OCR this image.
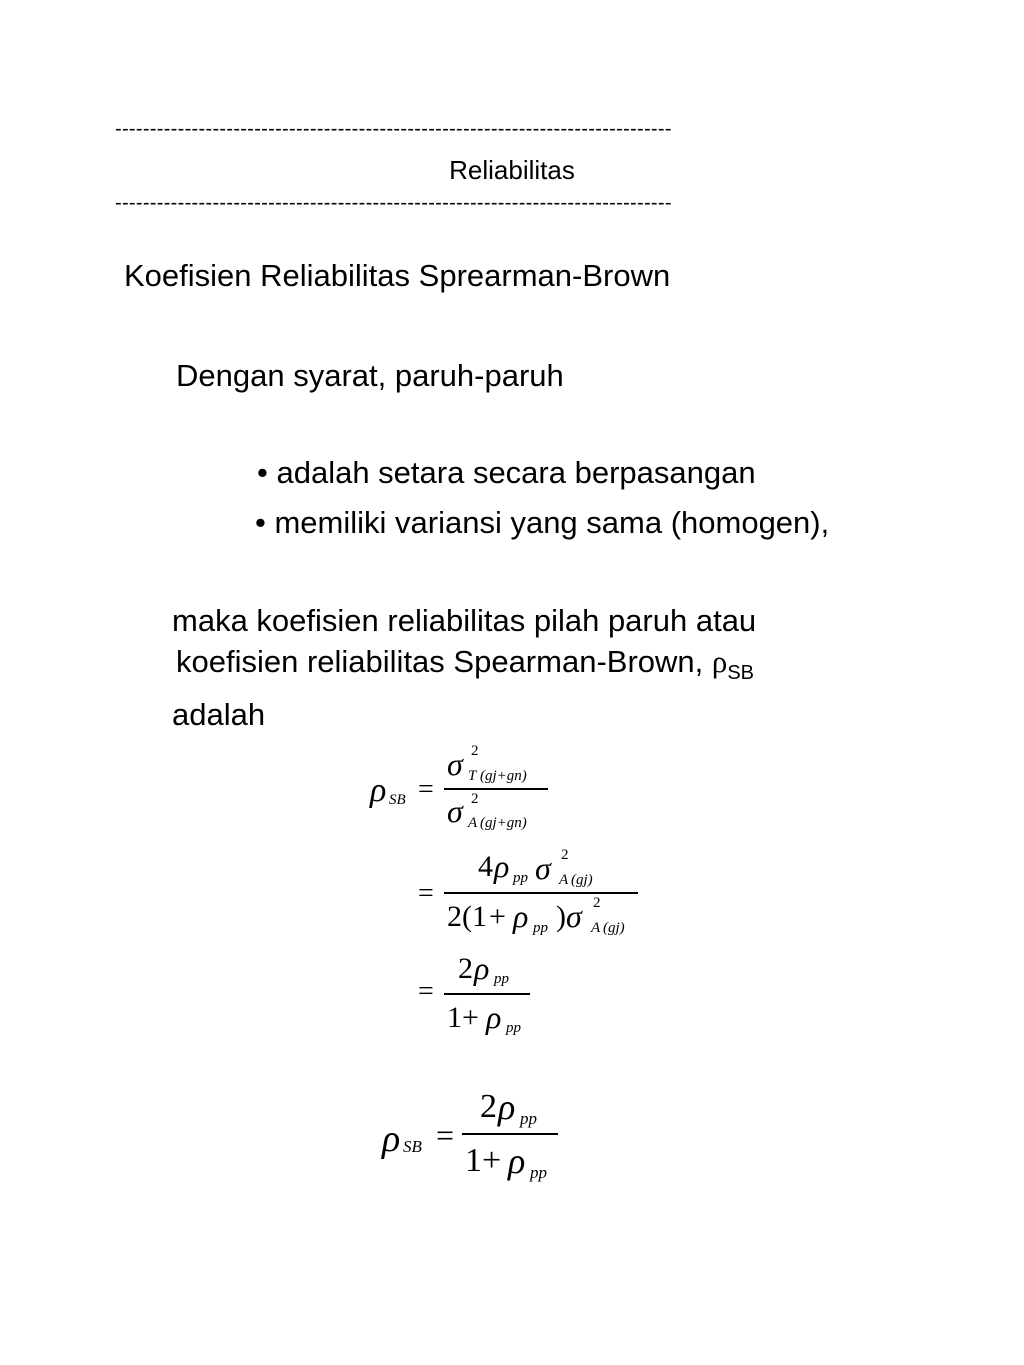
--------------------------------------------------------------------------------
Reliabilitas
--------------------------------------------------------------------------------
Koefisien Reliabilitas Sprearman-Brown
Dengan syarat, paruh-paruh
• adalah setara secara berpasangan
• memiliki variansi yang sama (homogen),
maka koefisien reliabilitas pilah paruh atau
koefisien reliabilitas Spearman-Brown, $\rho_{SB}$
adalah
ρ SB =
σ 2
T (gj+gn)
σ 2
A (gj+gn)
=
4 ρ pp σ 2
A (gj)
2(1 + ρ pp ) σ 2
A (gj)
=
2 ρ pp
1 + ρ pp
ρ SB =
2 ρ pp
1 + ρ pp
